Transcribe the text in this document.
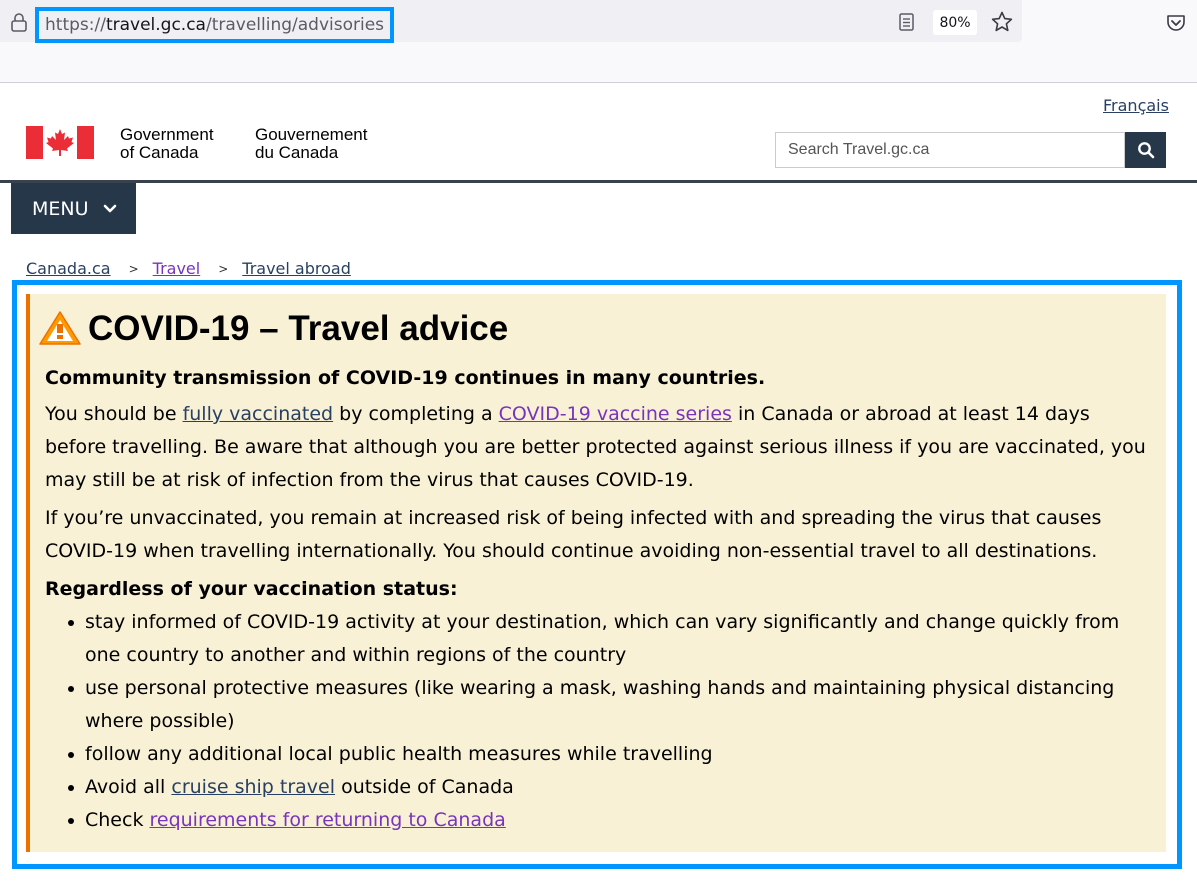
https:// travel.gc.ca /travelling/advisories	80%
Français
Government
of Canada
Gouvernement
du Canada
Search Travel.gc.ca
MENU
Canada.ca > Travel > Travel abroad
COVID-19 – Travel advice

Community transmission of COVID-19 continues in many countries.

You should be fully vaccinated by completing a COVID-19 vaccine series in Canada or abroad at least 14 days before travelling. Be aware that although you are better protected against serious illness if you are vaccinated, you may still be at risk of infection from the virus that causes COVID-19.

If you’re unvaccinated, you remain at increased risk of being infected with and spreading the virus that causes COVID-19 when travelling internationally. You should continue avoiding non-essential travel to all destinations.

Regardless of your vaccination status:

stay informed of COVID-19 activity at your destination, which can vary significantly and change quickly from one country to another and within regions of the country
use personal protective measures (like wearing a mask, washing hands and maintaining physical distancing where possible)
follow any additional local public health measures while travelling
Avoid all cruise ship travel outside of Canada
Check requirements for returning to Canada
